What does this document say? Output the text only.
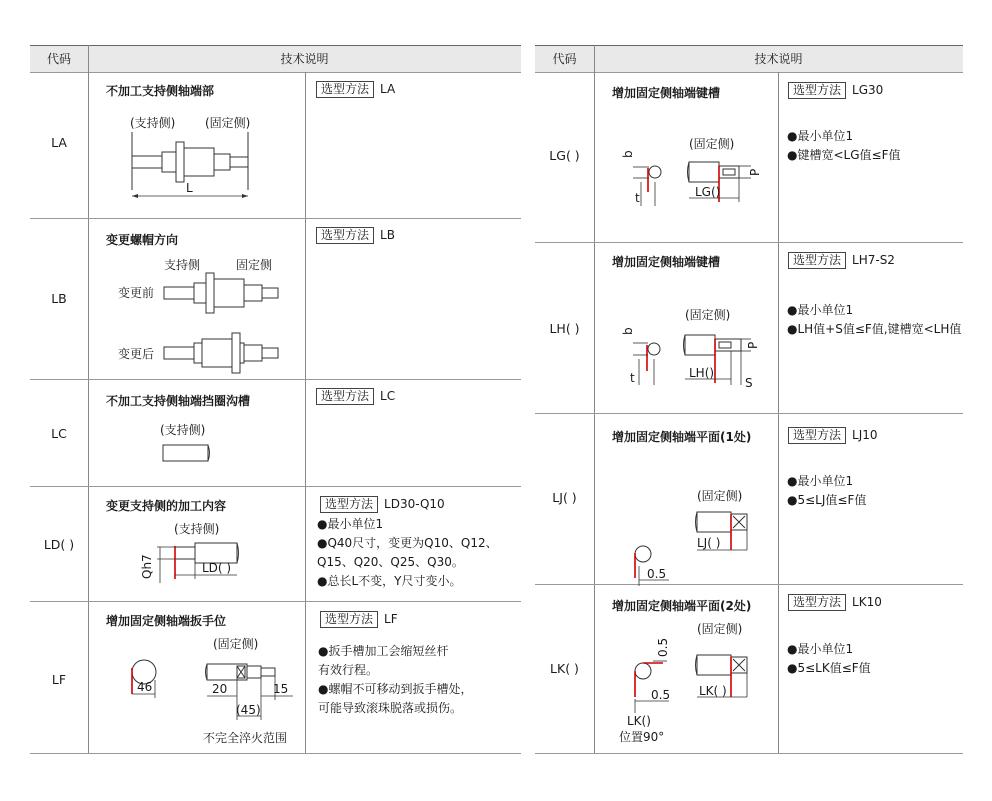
代码	技术说明
LA
不加工支持侧轴端部	选型方法 LA
(支持侧) (固定侧)
L
LB
变更螺帽方向	选型方法 LB
支持侧	固定侧
变更前
变更后
LC
不加工支持侧轴端挡圈沟槽	选型方法 LC
(支持侧)
LD( )
变更支持侧的加工内容	选型方法 LD30-Q10
●最小单位1
●Q40尺寸，变更为Q10、Q12、
Q15、Q20、Q25、Q30。
●总长L不变，Y尺寸变小。
(支持侧)
Qh7	LD( )
LF
增加固定侧轴端扳手位	选型方法 LF
●扳手槽加工会缩短丝杆
有效行程。
●螺帽不可移动到扳手槽处，
可能导致滚珠脱落或损伤。
(固定侧)
46	20	15
(45)
不完全淬火范围
代码	技术说明
LG( )
增加固定侧轴端键槽	选型方法 LG30
●最小单位1
●键槽宽<LG值≤F值
(固定侧)
b
t
P
LG()
LH( )
增加固定侧轴端键槽	选型方法 LH7-S2
●最小单位1
●LH值+S值≤F值,键槽宽<LH值
(固定侧)
b
t
P
LH()
S
LJ( )
增加固定侧轴端平面(1处)	选型方法 LJ10
●最小单位1
●5≤LJ值≤F值
(固定侧)
0.5
LJ( )
LK( )
增加固定侧轴端平面(2处)	选型方法 LK10
●最小单位1
●5≤LK值≤F值
(固定侧)
0.5
0.5 LK( )
LK()
位置90°
